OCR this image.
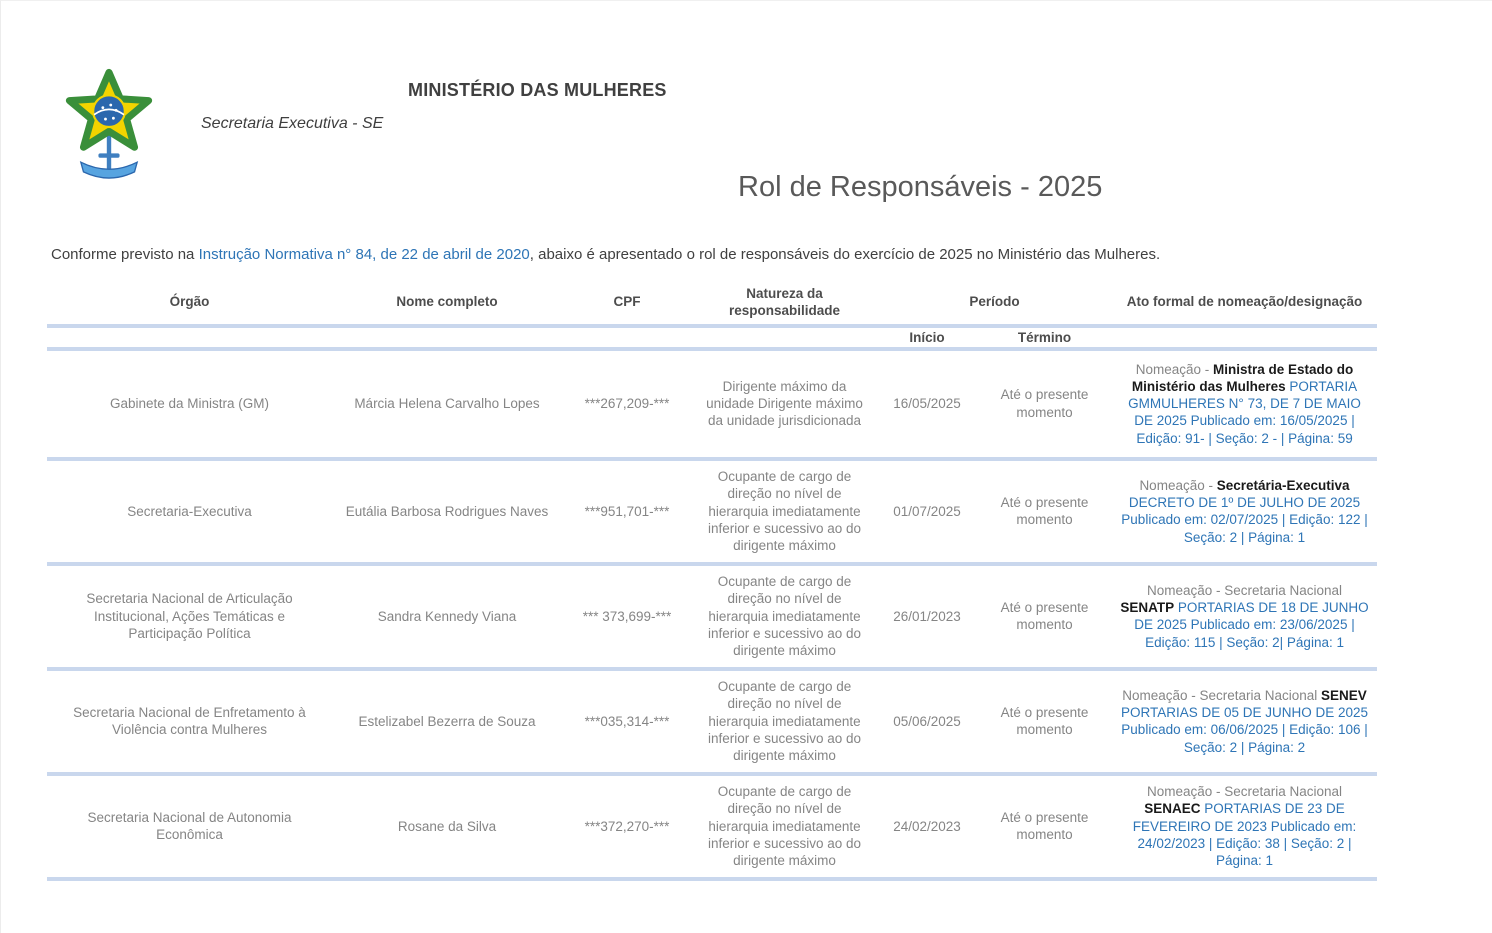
MINISTÉRIO DAS MULHERES
Secretaria Executiva - SE
Rol de Responsáveis - 2025
Conforme previsto na Instrução Normativa n° 84, de 22 de abril de 2020, abaixo é apresentado o rol de responsáveis do exercício de 2025 no Ministério das Mulheres.
Órgão	Nome completo	CPF	Natureza da responsabilidade	Período		Ato formal de nomeação/designação
				Início	Término	
Gabinete da Ministra (GM)	Márcia Helena Carvalho Lopes	***267,209-***	Dirigente máximo da unidade Dirigente máximo da unidade jurisdicionada	16/05/2025	Até o presente momento	Nomeação - Ministra de Estado do Ministério das Mulheres PORTARIA GMMULHERES N° 73, DE 7 DE MAIO DE 2025 Publicado em: 16/05/2025 | Edição: 91- | Seção: 2 - | Página: 59
Secretaria-Executiva	Eutália Barbosa Rodrigues Naves	***951,701-***	Ocupante de cargo de direção no nível de hierarquia imediatamente inferior e sucessivo ao do dirigente máximo	01/07/2025	Até o presente momento	Nomeação - Secretária-Executiva DECRETO DE 1º DE JULHO DE 2025 Publicado em: 02/07/2025 | Edição: 122 | Seção: 2 | Página: 1
Secretaria Nacional de Articulação Institucional, Ações Temáticas e Participação Política	Sandra Kennedy Viana	*** 373,699-***	Ocupante de cargo de direção no nível de hierarquia imediatamente inferior e sucessivo ao do dirigente máximo	26/01/2023	Até o presente momento	Nomeação - Secretaria Nacional SENATP PORTARIAS DE 18 DE JUNHO DE 2025 Publicado em: 23/06/2025 | Edição: 115 | Seção: 2| Página: 1
Secretaria Nacional de Enfretamento à Violência contra Mulheres	Estelizabel Bezerra de Souza	***035,314-***	Ocupante de cargo de direção no nível de hierarquia imediatamente inferior e sucessivo ao do dirigente máximo	05/06/2025	Até o presente momento	Nomeação - Secretaria Nacional SENEV PORTARIAS DE 05 DE JUNHO DE 2025 Publicado em: 06/06/2025 | Edição: 106 | Seção: 2 | Página: 2
Secretaria Nacional de Autonomia Econômica	Rosane da Silva	***372,270-***	Ocupante de cargo de direção no nível de hierarquia imediatamente inferior e sucessivo ao do dirigente máximo	24/02/2023	Até o presente momento	Nomeação - Secretaria Nacional SENAEC PORTARIAS DE 23 DE FEVEREIRO DE 2023 Publicado em: 24/02/2023 | Edição: 38 | Seção: 2 | Página: 1
